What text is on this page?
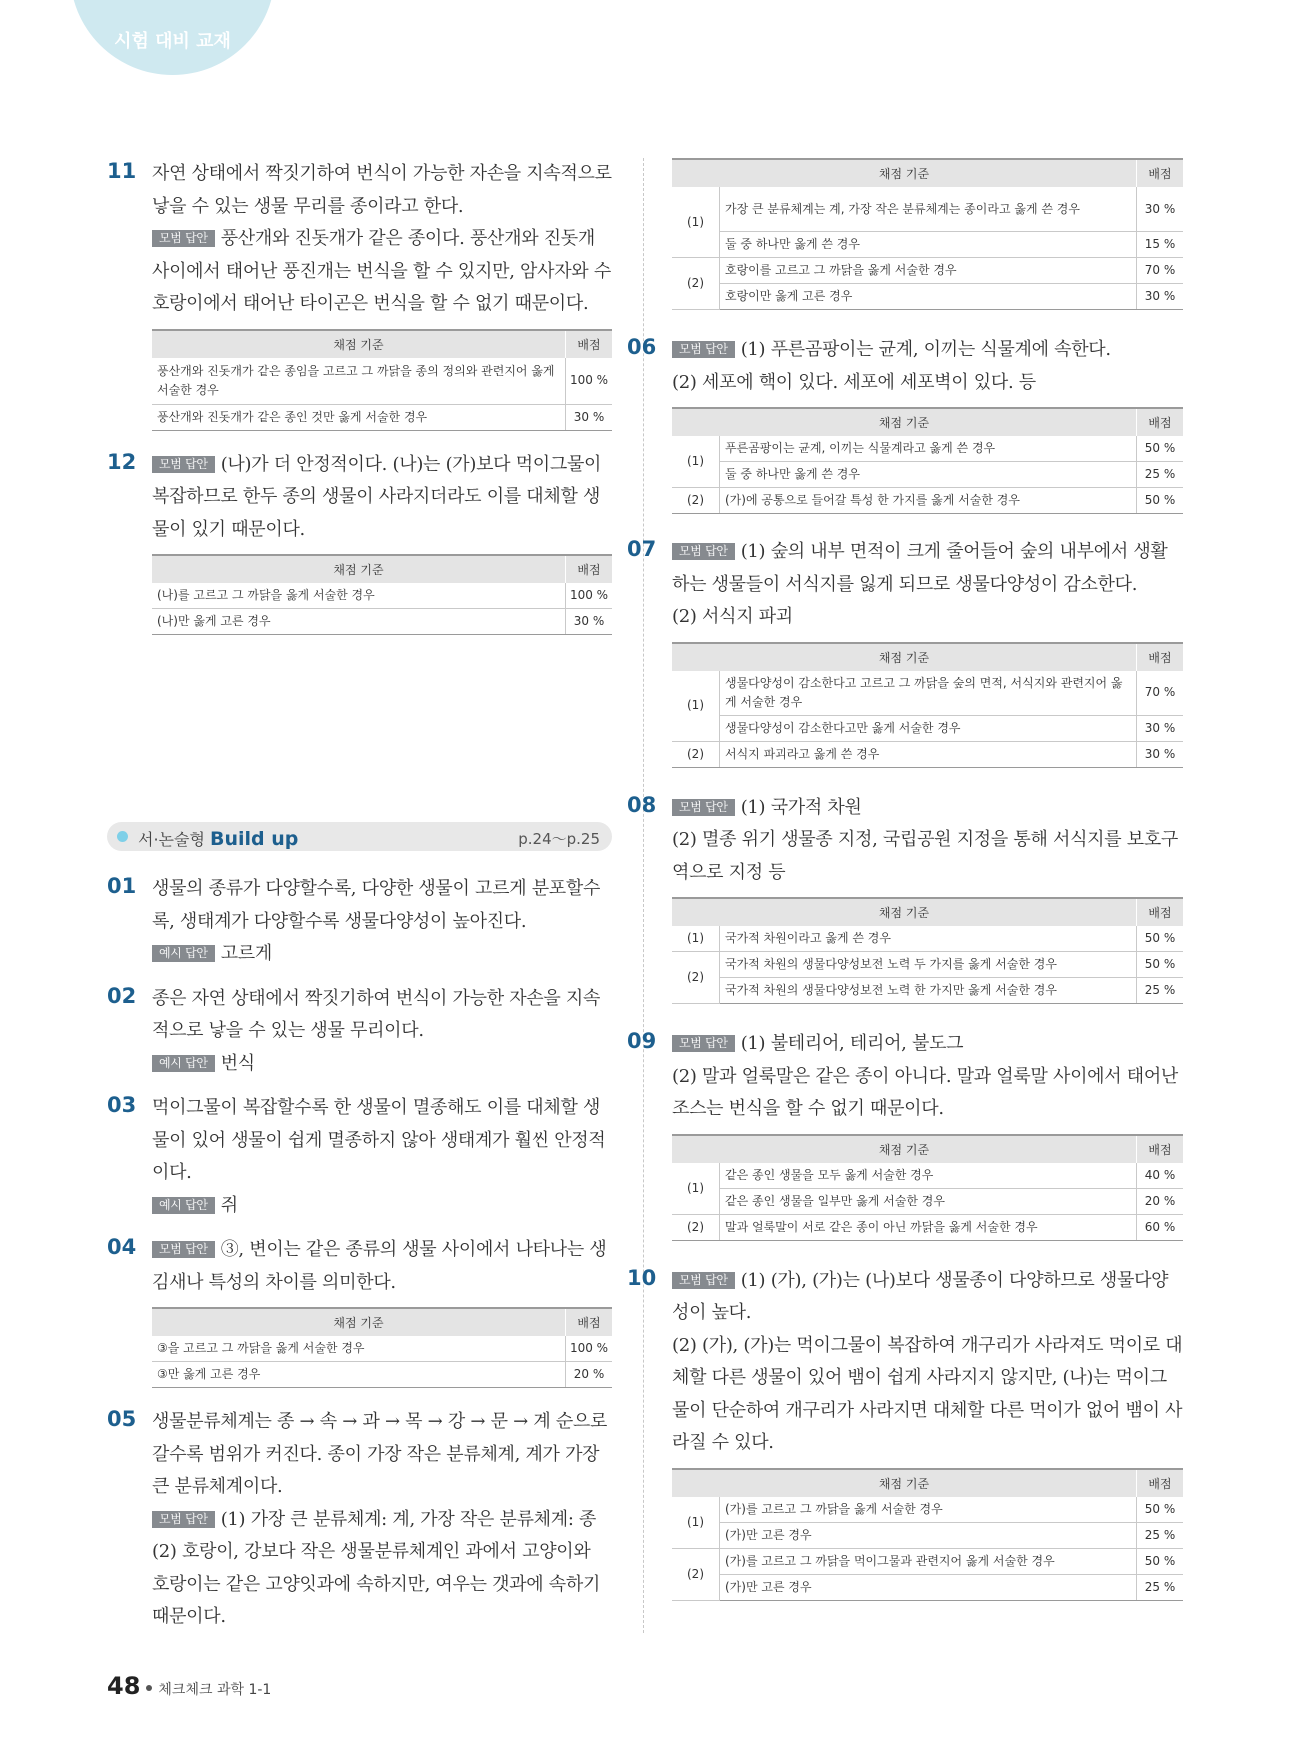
시험 대비 교재
11 자연 상태에서 짝짓기하여 번식이 가능한 자손을 지속적으로 낳을 수 있는 생물 무리를 종이라고 한다.
모범 답안 풍산개와 진돗개가 같은 종이다. 풍산개와 진돗개 사이에서 태어난 풍진개는 번식을 할 수 있지만, 암사자와 수호랑이에서 태어난 타이곤은 번식을 할 수 없기 때문이다.
채점 기준	배점
풍산개와 진돗개가 같은 종임을 고르고 그 까닭을 종의 정의와 관련지어 옳게 서술한 경우	100 %
풍산개와 진돗개가 같은 종인 것만 옳게 서술한 경우	30 %
12	모범 답안 (나)가 더 안정적이다. (나)는 (가)보다 먹이그물이 복잡하므로 한두 종의 생물이 사라지더라도 이를 대체할 생물이 있기 때문이다.
채점 기준	배점
(나)를 고르고 그 까닭을 옳게 서술한 경우	100 %
(나)만 옳게 고른 경우	30 %
서·논술형 Build up	p.24～p.25
01 생물의 종류가 다양할수록, 다양한 생물이 고르게 분포할수록, 생태계가 다양할수록 생물다양성이 높아진다.
예시 답안 고르게
02 종은 자연 상태에서 짝짓기하여 번식이 가능한 자손을 지속적으로 낳을 수 있는 생물 무리이다.
예시 답안 번식
03 먹이그물이 복잡할수록 한 생물이 멸종해도 이를 대체할 생물이 있어 생물이 쉽게 멸종하지 않아 생태계가 훨씬 안정적이다.
예시 답안 쥐
04	모범 답안 ③, 변이는 같은 종류의 생물 사이에서 나타나는 생김새나 특성의 차이를 의미한다.
채점 기준	배점
③을 고르고 그 까닭을 옳게 서술한 경우	100 %
③만 옳게 고른 경우	20 %
05 생물분류체계는 종 → 속 → 과 → 목 → 강 → 문 → 계 순으로 갈수록 범위가 커진다. 종이 가장 작은 분류체계, 계가 가장 큰 분류체계이다.
모범 답안 (1) 가장 큰 분류체계: 계, 가장 작은 분류체계: 종
(2) 호랑이, 강보다 작은 생물분류체계인 과에서 고양이와 호랑이는 같은 고양잇과에 속하지만, 여우는 갯과에 속하기 때문이다.
채점 기준		배점
(1)	가장 큰 분류체계는 계, 가장 작은 분류체계는 종이라고 옳게 쓴 경우	30 %
	둘 중 하나만 옳게 쓴 경우	15 %
(2)	호랑이를 고르고 그 까닭을 옳게 서술한 경우	70 %
	호랑이만 옳게 고른 경우	30 %
06	모범 답안 (1) 푸른곰팡이는 균계, 이끼는 식물계에 속한다.
(2) 세포에 핵이 있다. 세포에 세포벽이 있다. 등
채점 기준		배점
(1)	푸른곰팡이는 균계, 이끼는 식물계라고 옳게 쓴 경우	50 %
	둘 중 하나만 옳게 쓴 경우	25 %
(2)	(가)에 공통으로 들어갈 특성 한 가지를 옳게 서술한 경우	50 %
07	모범 답안 (1) 숲의 내부 면적이 크게 줄어들어 숲의 내부에서 생활하는 생물들이 서식지를 잃게 되므로 생물다양성이 감소한다.
(2) 서식지 파괴
채점 기준		배점
(1)	생물다양성이 감소한다고 고르고 그 까닭을 숲의 면적, 서식지와 관련지어 옳게 서술한 경우	70 %
	생물다양성이 감소한다고만 옳게 서술한 경우	30 %
(2)	서식지 파괴라고 옳게 쓴 경우	30 %
08	모범 답안 (1) 국가적 차원
(2) 멸종 위기 생물종 지정, 국립공원 지정을 통해 서식지를 보호구역으로 지정 등
채점 기준		배점
(1)	국가적 차원이라고 옳게 쓴 경우	50 %
(2)	국가적 차원의 생물다양성보전 노력 두 가지를 옳게 서술한 경우	50 %
	국가적 차원의 생물다양성보전 노력 한 가지만 옳게 서술한 경우	25 %
09	모범 답안 (1) 불테리어, 테리어, 불도그
(2) 말과 얼룩말은 같은 종이 아니다. 말과 얼룩말 사이에서 태어난 조스는 번식을 할 수 없기 때문이다.
채점 기준		배점
(1)	같은 종인 생물을 모두 옳게 서술한 경우	40 %
	같은 종인 생물을 일부만 옳게 서술한 경우	20 %
(2)	말과 얼룩말이 서로 같은 종이 아닌 까닭을 옳게 서술한 경우	60 %
10	모범 답안 (1) (가), (가)는 (나)보다 생물종이 다양하므로 생물다양성이 높다.
(2) (가), (가)는 먹이그물이 복잡하여 개구리가 사라져도 먹이로 대체할 다른 생물이 있어 뱀이 쉽게 사라지지 않지만, (나)는 먹이그물이 단순하여 개구리가 사라지면 대체할 다른 먹이가 없어 뱀이 사라질 수 있다.
채점 기준		배점
(1)	(가)를 고르고 그 까닭을 옳게 서술한 경우	50 %
	(가)만 고른 경우	25 %
(2)	(가)를 고르고 그 까닭을 먹이그물과 관련지어 옳게 서술한 경우	50 %
	(가)만 고른 경우	25 %
48 체크체크 과학 1-1
